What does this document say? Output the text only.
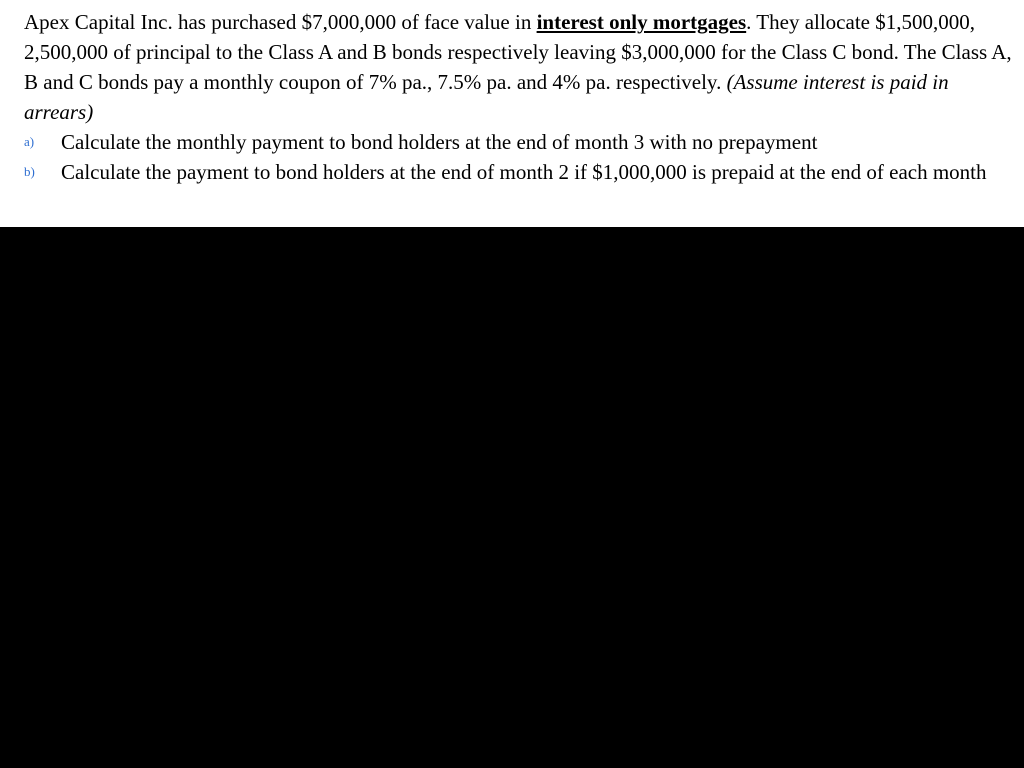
Apex Capital Inc. has purchased $7,000,000 of face value in interest only mortgages. They allocate $1,500,000, 2,500,000 of principal to the Class A and B bonds respectively leaving $3,000,000 for the Class C bond. The Class A, B and C bonds pay a monthly coupon of 7% pa., 7.5% pa. and 4% pa. respectively. (Assume interest is paid in arrears)

a) Calculate the monthly payment to bond holders at the end of month 3 with no prepayment
b) Calculate the payment to bond holders at the end of month 2 if $1,000,000 is prepaid at the end of each month
